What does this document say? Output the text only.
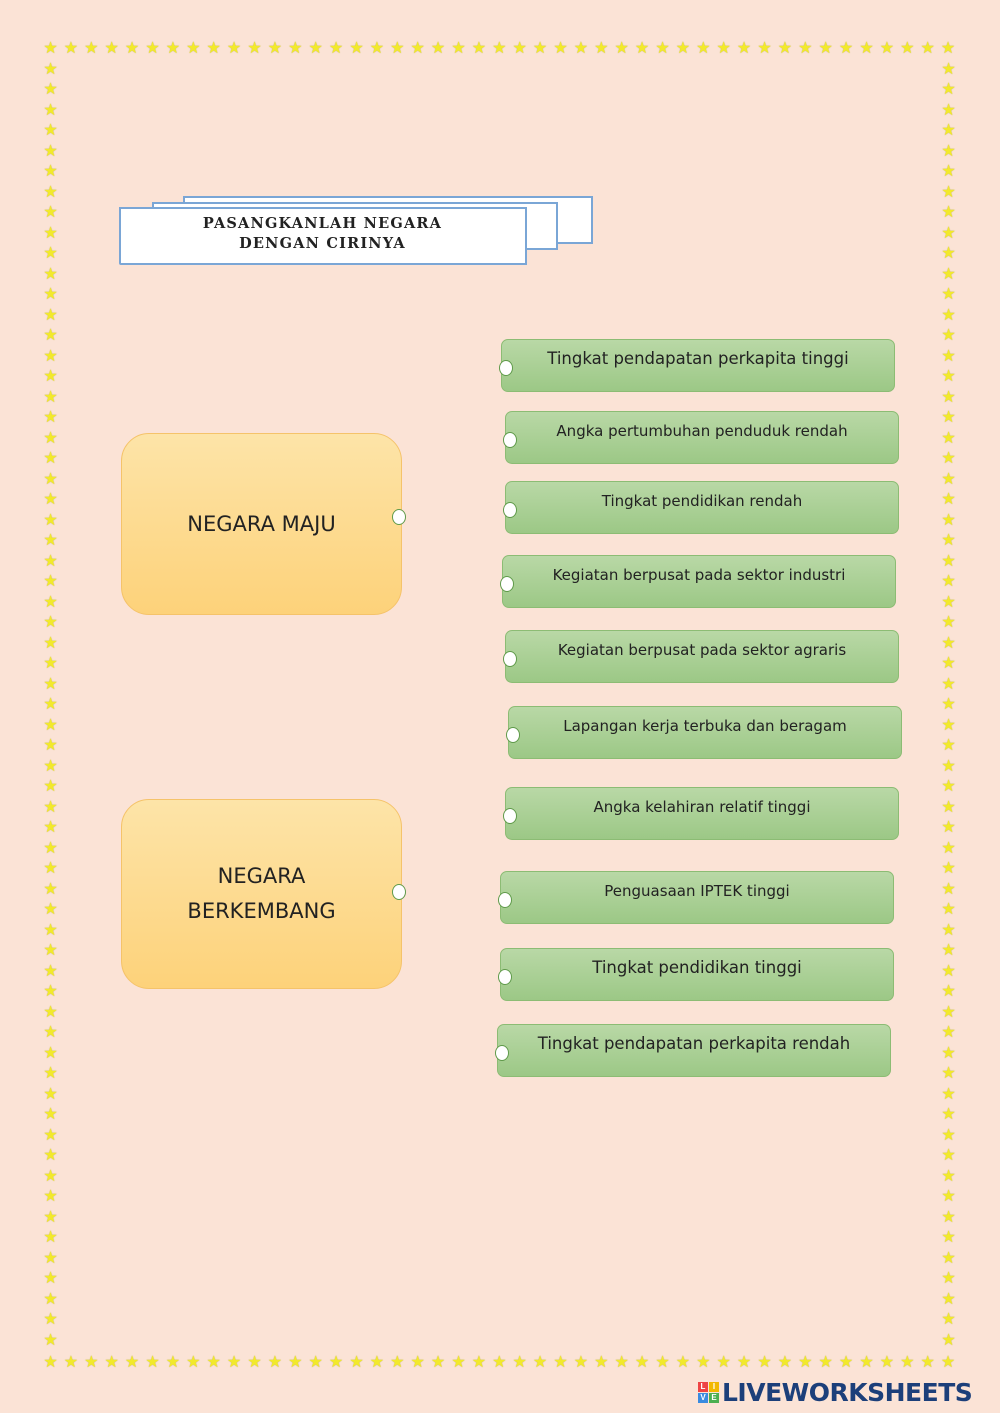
★
★
★
★
★
★
★
★
★
★
★
★
★
★
★
★
★
★
★
★
★
★
★
★
★
★
★
★
★
★
★
★
★
★
★
★
★
★
★
★
★
★
★
★
★
★
★
★
★
★
★
★
★
★
★
★
★
★
★
★
★
★
★
★
★
★
★
★
★
★
★
★
★
★
★
★
★
★
★
★
★
★
★
★
★
★
★
★
★
★
★	★
★	★
★	★
★	★
★	★
★	★
★	★
★	★
★	★
★	★
★	★
★	★
★	★
★	★
★	★
★	★
★	★
★	★
★	★
★	★
★	★
★	★
★	★
★	★
★	★
★	★
★	★
★	★
★	★
★	★
★	★
★	★
★	★
★	★
★	★
★	★
★	★
★	★
★	★
★	★
★	★
★	★
★	★
★	★
★	★
★	★
★	★
★	★
★	★
★	★
★	★
★	★
★	★
★	★
★	★
★	★
★	★
★	★
★	★
★	★
★	★
★	★
★	★
PASANGKANLAH NEGARA
DENGAN CIRINYA
NEGARA MAJU
NEGARA
BERKEMBANG
Tingkat pendapatan perkapita tinggi
Angka pertumbuhan penduduk rendah
Tingkat pendidikan rendah
Kegiatan berpusat pada sektor industri
Kegiatan berpusat pada sektor agraris
Lapangan kerja terbuka dan beragam
Angka kelahiran relatif tinggi
Penguasaan IPTEK tinggi
Tingkat pendidikan tinggi
Tingkat pendapatan perkapita rendah
L I
V E LIVEWORKSHEETS
